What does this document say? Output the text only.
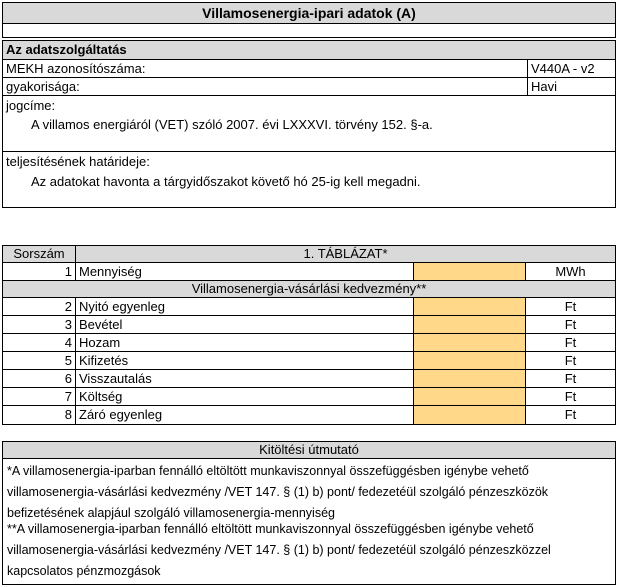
Villamosenergia-ipari adatok (A)
Az adatszolgáltatás
MEKH azonosítószáma:	V440A - v2
gyakorisága:	Havi
jogcíme:
A villamos energiáról (VET) szóló 2007. évi LXXXVI. törvény 152. §-a.
teljesítésének határideje:
Az adatokat havonta a tárgyidőszakot követő hó 25-ig kell megadni.
Sorszám	1. TÁBLÁZAT*
1 Mennyiség	MWh
Villamosenergia-vásárlási kedvezmény**
2 Nyitó egyenleg	Ft
3 Bevétel	Ft
4 Hozam	Ft
5 Kifizetés	Ft
6 Visszautalás	Ft
7 Költség	Ft
8 Záró egyenleg	Ft
Kitöltési útmutató
*A villamosenergia-iparban fennálló eltöltött munkaviszonnyal összefüggésben igénybe vehető villamosenergia-vásárlási kedvezmény /VET 147. § (1) b) pont/ fedezetéül szolgáló pénzeszközök befizetésének alapjául szolgáló villamosenergia-mennyiség
**A villamosenergia-iparban fennálló eltöltött munkaviszonnyal összefüggésben igénybe vehető villamosenergia-vásárlási kedvezmény /VET 147. § (1) b) pont/ fedezetéül szolgáló pénzeszközzel kapcsolatos pénzmozgások
